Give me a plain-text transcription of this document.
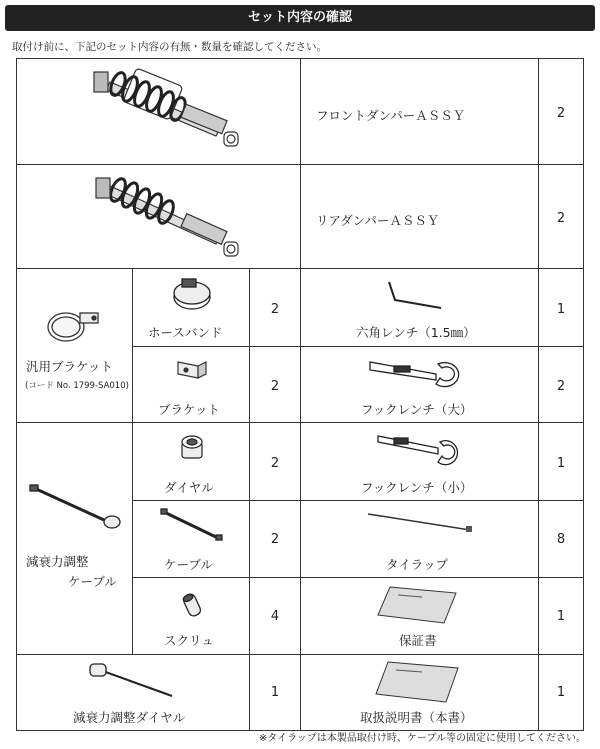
セット内容の確認
取付け前に、下記のセット内容の有無・数量を確認してください。
フロントダンパーＡＳＳＹ	2
リアダンパーＡＳＳＹ	2
汎用ブラケット
(コード No. 1799-SA010)
ホースバンド
2
六角レンチ（1.5㎜）
1
ブラケット
2
フックレンチ（大）
2
減衰力調整
ケーブル
ダイヤル
2
フックレンチ（小）
1
ケーブル
2
タイラップ
8
スクリュ
4
保証書
1
減衰力調整ダイヤル
1
取扱説明書（本書）
1
※タイラップは本製品取付け時、ケーブル等の固定に使用してください。
